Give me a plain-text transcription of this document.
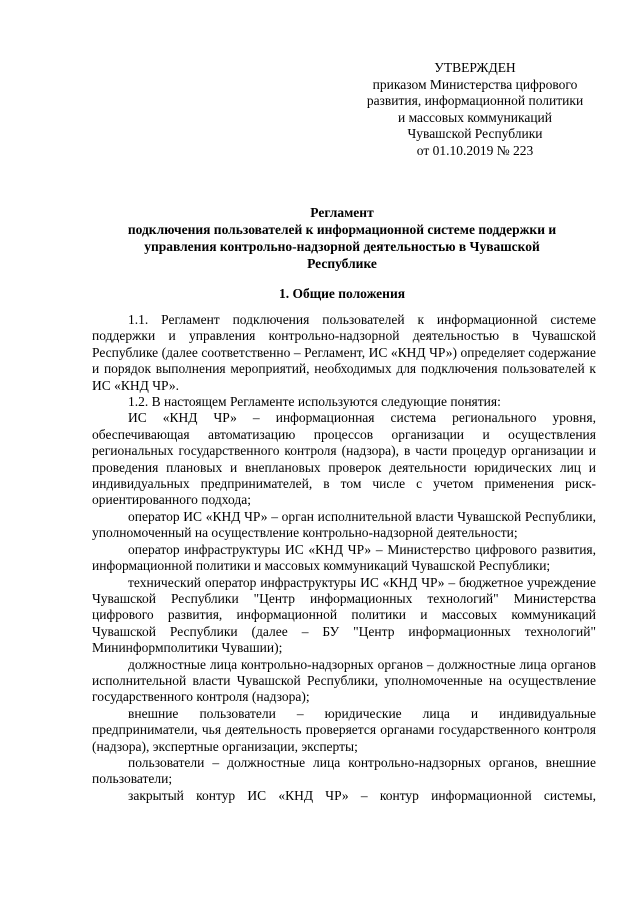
УТВЕРЖДЕН
приказом Министерства цифрового
развития, информационной политики
и массовых коммуникаций
Чувашской Республики
от 01.10.2019 № 223
Регламент
подключения пользователей к информационной системе поддержки и
управления контрольно-надзорной деятельностью в Чувашской
Республике
1. Общие положения

1.1. Регламент подключения пользователей к информационной системе поддержки и управления контрольно-надзорной деятельностью в Чувашской Республике (далее соответственно – Регламент, ИС «КНД ЧР») определяет содержание и порядок выполнения мероприятий, необходимых для подключения пользователей к ИС «КНД ЧР».

1.2. В настоящем Регламенте используются следующие понятия:

ИС «КНД ЧР» – информационная система регионального уровня, обеспечивающая автоматизацию процессов организации и осуществления региональных государственного контроля (надзора), в части процедур организации и проведения плановых и внеплановых проверок деятельности юридических лиц и индивидуальных предпринимателей, в том числе с учетом применения риск-ориентированного подхода;

оператор ИС «КНД ЧР» – орган исполнительной власти Чувашской Республики, уполномоченный на осуществление контрольно-надзорной деятельности;

оператор инфраструктуры ИС «КНД ЧР» – Министерство цифрового развития, информационной политики и массовых коммуникаций Чувашской Республики;

технический оператор инфраструктуры ИС «КНД ЧР» – бюджетное учреждение Чувашской Республики "Центр информационных технологий" Министерства цифрового развития, информационной политики и массовых коммуникаций Чувашской Республики (далее – БУ "Центр информационных технологий" Мининформполитики Чувашии);

должностные лица контрольно-надзорных органов – должностные лица органов исполнительной власти Чувашской Республики, уполномоченные на осуществление государственного контроля (надзора);

внешние пользователи – юридические лица и индивидуальные предприниматели, чья деятельность проверяется органами государственного контроля (надзора), экспертные организации, эксперты;

пользователи – должностные лица контрольно-надзорных органов, внешние пользователи;

закрытый контур ИС «КНД ЧР» – контур информационной системы,
